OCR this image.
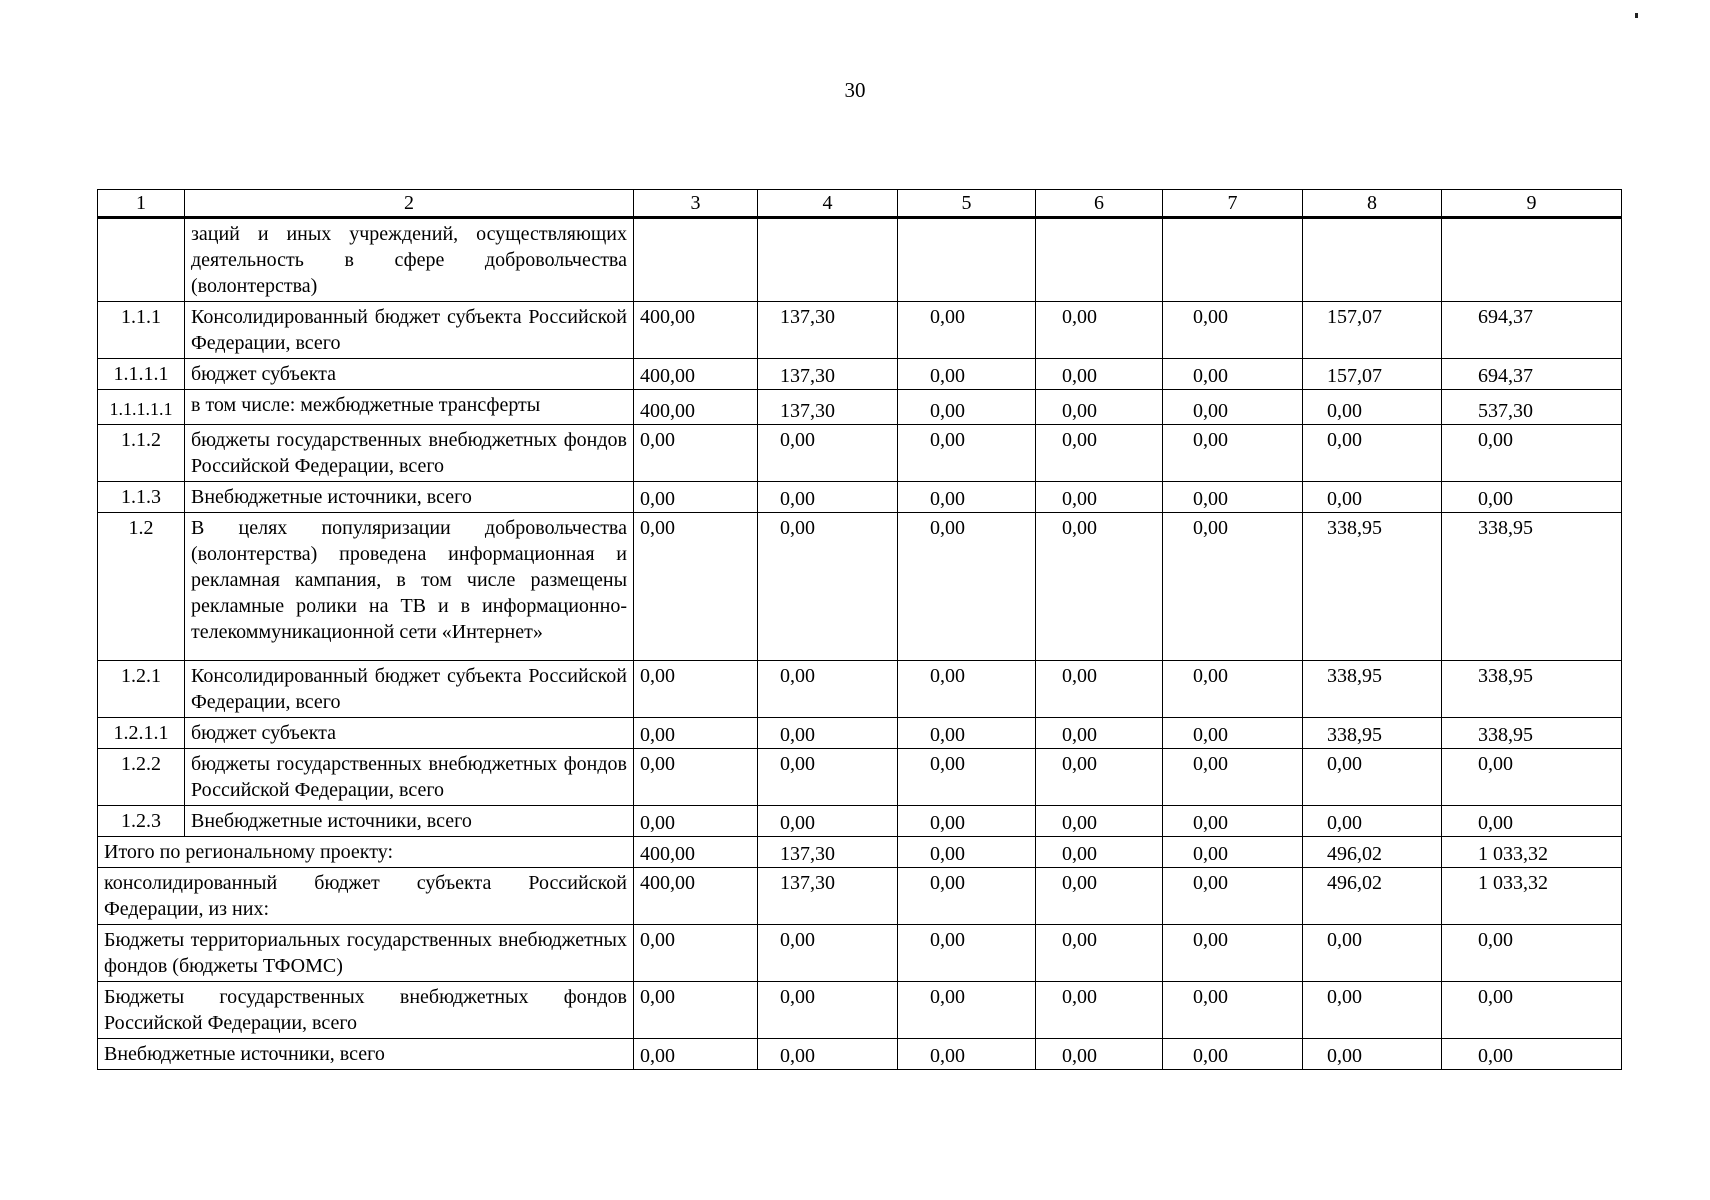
30
1	2	3	4	5	6	7	8	9
	заций и иных учреждений, осуществляющих деятельность в сфере добровольчества (волонтерства)							
1.1.1	Консолидированный бюджет субъекта Российской Федерации, всего	400,00	137,30	0,00	0,00	0,00	157,07	694,37
1.1.1.1	бюджет субъекта	400,00	137,30	0,00	0,00	0,00	157,07	694,37
1.1.1.1.1	в том числе: межбюджетные трансферты	400,00	137,30	0,00	0,00	0,00	0,00	537,30
1.1.2	бюджеты государственных внебюджетных фондов Российской Федерации, всего	0,00	0,00	0,00	0,00	0,00	0,00	0,00
1.1.3	Внебюджетные источники, всего	0,00	0,00	0,00	0,00	0,00	0,00	0,00
1.2	В целях популяризации добровольчества (волонтерства) проведена информационная и рекламная кампания, в том числе размещены рекламные ролики на ТВ и в информационно-телекоммуникационной сети «Интернет»	0,00	0,00	0,00	0,00	0,00	338,95	338,95
1.2.1	Консолидированный бюджет субъекта Российской Федерации, всего	0,00	0,00	0,00	0,00	0,00	338,95	338,95
1.2.1.1	бюджет субъекта	0,00	0,00	0,00	0,00	0,00	338,95	338,95
1.2.2	бюджеты государственных внебюджетных фондов Российской Федерации, всего	0,00	0,00	0,00	0,00	0,00	0,00	0,00
1.2.3	Внебюджетные источники, всего	0,00	0,00	0,00	0,00	0,00	0,00	0,00
Итого по региональному проекту:		400,00	137,30	0,00	0,00	0,00	496,02	1 033,32
консолидированный бюджет субъекта Российской Федерации, из них:		400,00	137,30	0,00	0,00	0,00	496,02	1 033,32
Бюджеты территориальных государственных внебюджетных фондов (бюджеты ТФОМС)		0,00	0,00	0,00	0,00	0,00	0,00	0,00
Бюджеты государственных внебюджетных фондов Российской Федерации, всего		0,00	0,00	0,00	0,00	0,00	0,00	0,00
Внебюджетные источники, всего		0,00	0,00	0,00	0,00	0,00	0,00	0,00
